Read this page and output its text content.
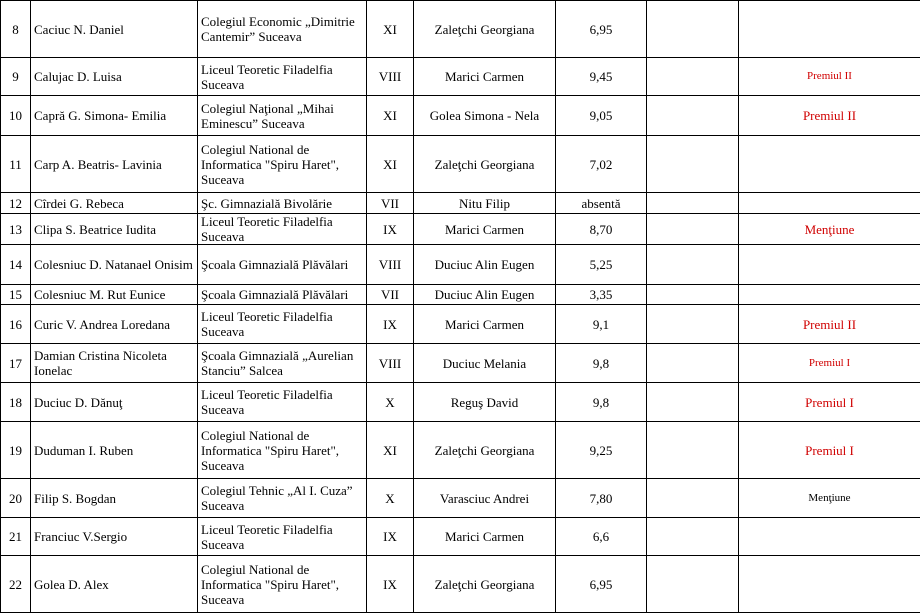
8	Caciuc N. Daniel	Colegiul Economic „Dimitrie Cantemir” Suceava	XI	Zaleţchi Georgiana	6,95		
9	Calujac D. Luisa	Liceul Teoretic Filadelfia Suceava	VIII	Marici Carmen	9,45		Premiul II
10	Capră G. Simona- Emilia	Colegiul Naţional „Mihai Eminescu” Suceava	XI	Golea Simona - Nela	9,05		Premiul II
11	Carp A. Beatris- Lavinia	Colegiul National de Informatica "Spiru Haret", Suceava	XI	Zaleţchi Georgiana	7,02		
12	Cîrdei G. Rebeca	Şc. Gimnazială Bivolărie	VII	Nitu Filip	absentă		
13	Clipa S. Beatrice Iudita	Liceul Teoretic Filadelfia Suceava	IX	Marici Carmen	8,70		Menţiune
14	Colesniuc D. Natanael Onisim	Şcoala Gimnazială Plăvălari	VIII	Duciuc Alin Eugen	5,25		
15	Colesniuc M. Rut Eunice	Şcoala Gimnazială Plăvălari	VII	Duciuc Alin Eugen	3,35		
16	Curic V. Andrea Loredana	Liceul Teoretic Filadelfia Suceava	IX	Marici Carmen	9,1		Premiul II
17	Damian Cristina Nicoleta Ionelac	Şcoala Gimnazială „Aurelian Stanciu” Salcea	VIII	Duciuc Melania	9,8		Premiul I
18	Duciuc D. Dănuţ	Liceul Teoretic Filadelfia Suceava	X	Reguş David	9,8		Premiul I
19	Duduman I. Ruben	Colegiul National de Informatica "Spiru Haret", Suceava	XI	Zaleţchi Georgiana	9,25		Premiul I
20	Filip S. Bogdan	Colegiul Tehnic „Al I. Cuza” Suceava	X	Varasciuc Andrei	7,80		Menţiune
21	Franciuc V.Sergio	Liceul Teoretic Filadelfia Suceava	IX	Marici Carmen	6,6		
22	Golea D. Alex	Colegiul National de Informatica "Spiru Haret", Suceava	IX	Zaleţchi Georgiana	6,95		
